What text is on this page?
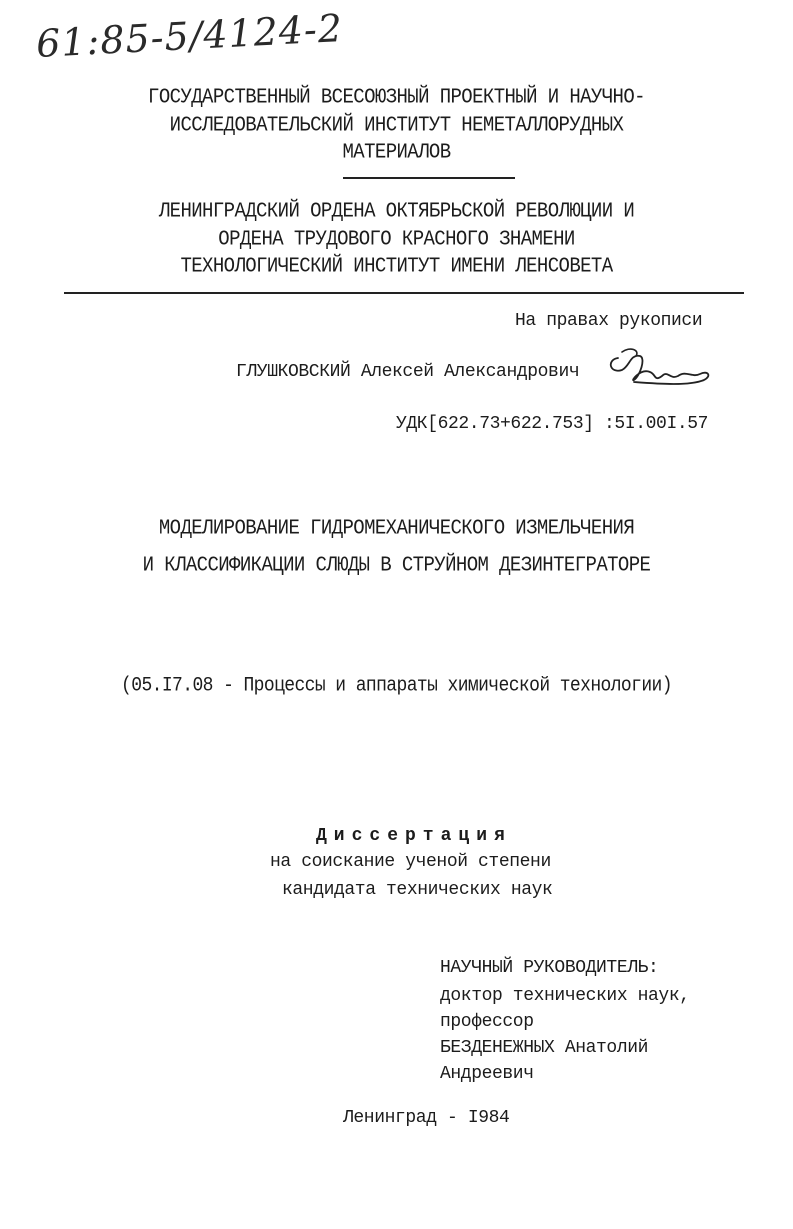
61:85-5/4124-2
ГОСУДАРСТВЕННЫЙ ВСЕСОЮЗНЫЙ ПРОЕКТНЫЙ И НАУЧНО-
ИССЛЕДОВАТЕЛЬСКИЙ ИНСТИТУТ НЕМЕТАЛЛОРУДНЫХ
МАТЕРИАЛОВ
ЛЕНИНГРАДСКИЙ ОРДЕНА ОКТЯБРЬСКОЙ РЕВОЛЮЦИИ И
ОРДЕНА ТРУДОВОГО КРАСНОГО ЗНАМЕНИ
ТЕХНОЛОГИЧЕСКИЙ ИНСТИТУТ ИМЕНИ ЛЕНСОВЕТА
На правах рукописи
ГЛУШКОВСКИЙ Алексей Александрович
УДК[622.73+622.753] :5I.00I.57
МОДЕЛИРОВАНИЕ ГИДРОМЕХАНИЧЕСКОГО ИЗМЕЛЬЧЕНИЯ
И КЛАССИФИКАЦИИ СЛЮДЫ В СТРУЙНОМ ДЕЗИНТЕГРАТОРЕ
(05.I7.08 - Процессы и аппараты химической технологии)
Диссертация
на соискание ученой степени
кандидата технических наук
НАУЧНЫЙ РУКОВОДИТЕЛЬ:
доктор технических наук,
профессор
БЕЗДЕНЕЖНЫХ Анатолий
Андреевич
Ленинград - I984
